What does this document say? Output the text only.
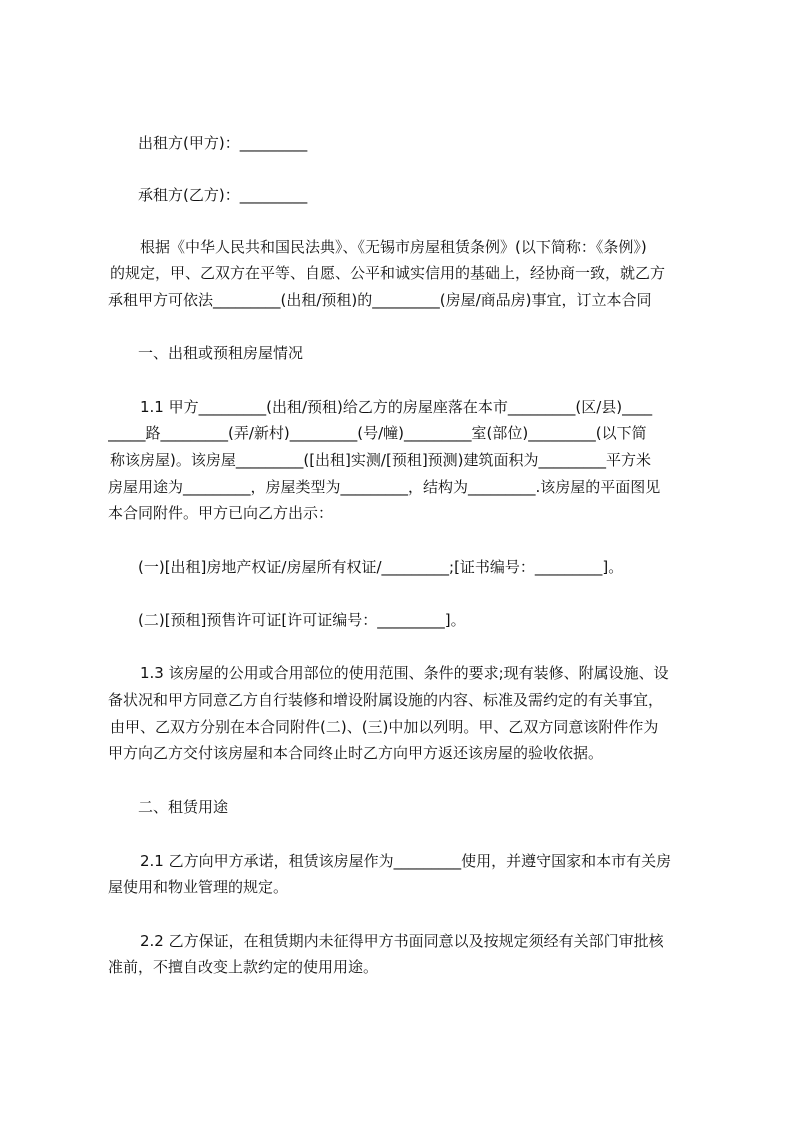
出租方(甲方)：_________
承租方(乙方)：_________
根据《中华人民共和国民法典》、《无锡市房屋租赁条例》(以下简称：《条例》)
的规定，甲、乙双方在平等、自愿、公平和诚实信用的基础上，经协商一致，就乙方
承租甲方可依法_________(出租/预租)的_________(房屋/商品房)事宜，订立本合同
一、出租或预租房屋情况
1.1 甲方_________(出租/预租)给乙方的房屋座落在本市_________(区/县)____
_____路_________(弄/新村)_________(号/幢)_________室(部位)_________(以下简
称该房屋)。该房屋_________([出租]实测/[预租]预测)建筑面积为_________平方米
房屋用途为_________，房屋类型为_________，结构为_________.该房屋的平面图见
本合同附件。甲方已向乙方出示：
(一)[出租]房地产权证/房屋所有权证/_________;[证书编号：_________]。
(二)[预租]预售许可证[许可证编号：_________]。
1.3 该房屋的公用或合用部位的使用范围、条件的要求;现有装修、附属设施、设
备状况和甲方同意乙方自行装修和增设附属设施的内容、标准及需约定的有关事宜，
由甲、乙双方分别在本合同附件(二)、(三)中加以列明。甲、乙双方同意该附件作为
甲方向乙方交付该房屋和本合同终止时乙方向甲方返还该房屋的验收依据。
二、租赁用途
2.1 乙方向甲方承诺，租赁该房屋作为_________使用，并遵守国家和本市有关房
屋使用和物业管理的规定。
2.2 乙方保证，在租赁期内未征得甲方书面同意以及按规定须经有关部门审批核
准前，不擅自改变上款约定的使用用途。
